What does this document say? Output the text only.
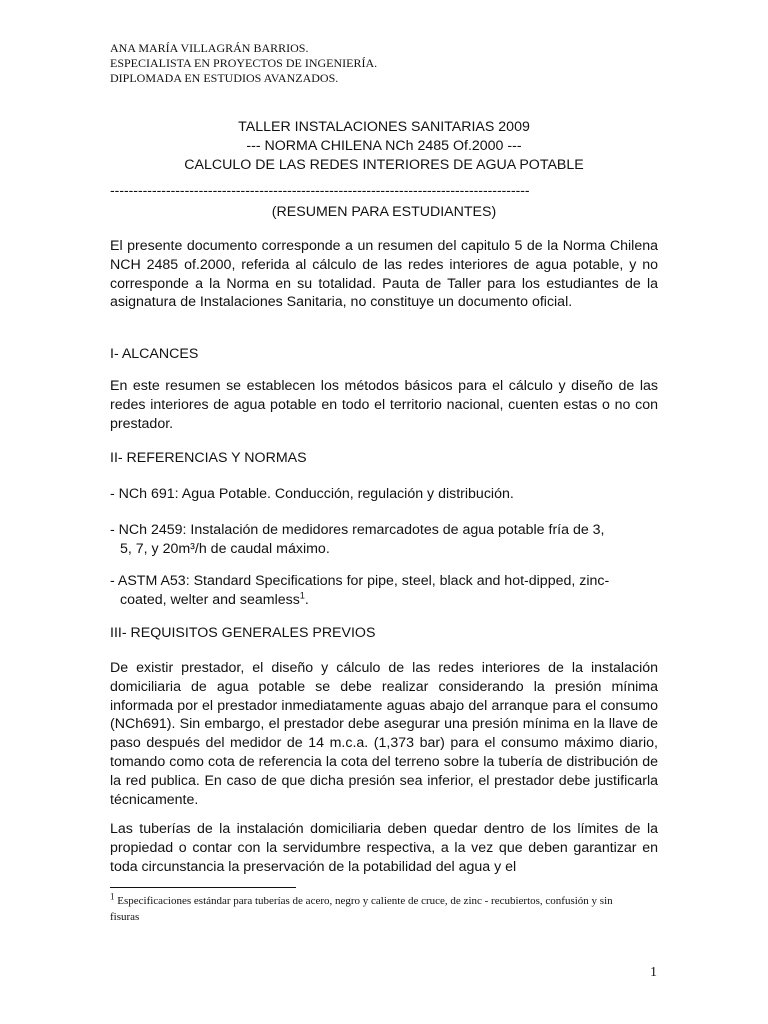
ANA MARÍA VILLAGRÁN BARRIOS.
ESPECIALISTA EN PROYECTOS DE INGENIERÍA.
DIPLOMADA EN ESTUDIOS AVANZADOS.
TALLER INSTALACIONES SANITARIAS 2009
--- NORMA CHILENA NCh 2485 Of.2000 ---
CALCULO DE LAS REDES INTERIORES DE AGUA POTABLE
------------------------------------------------------------------------------------------
(RESUMEN PARA ESTUDIANTES)

El presente documento corresponde a un resumen del capitulo 5 de la Norma Chilena NCH 2485 of.2000, referida al cálculo de las redes interiores de agua potable, y no corresponde a la Norma en su totalidad. Pauta de Taller para los estudiantes de la asignatura de Instalaciones Sanitaria, no constituye un documento oficial.

I- ALCANCES

En este resumen se establecen los métodos básicos para el cálculo y diseño de las redes interiores de agua potable en todo el territorio nacional, cuenten estas o no con prestador.

II- REFERENCIAS Y NORMAS
- NCh 691: Agua Potable. Conducción, regulación y distribución.
- NCh 2459: Instalación de medidores remarcadotes de agua potable fría de 3,
5, 7, y 20m³/h de caudal máximo.
- ASTM A53: Standard Specifications for pipe, steel, black and hot-dipped, zinc-
coated, welter and seamless$^1$.
III- REQUISITOS GENERALES PREVIOS

De existir prestador, el diseño y cálculo de las redes interiores de la instalación domiciliaria de agua potable se debe realizar considerando la presión mínima informada por el prestador inmediatamente aguas abajo del arranque para el consumo (NCh691). Sin embargo, el prestador debe asegurar una presión mínima en la llave de paso después del medidor de 14 m.c.a. (1,373 bar) para el consumo máximo diario, tomando como cota de referencia la cota del terreno sobre la tubería de distribución de la red publica. En caso de que dicha presión sea inferior, el prestador debe justificarla técnicamente.

Las tuberías de la instalación domiciliaria deben quedar dentro de los límites de la propiedad o contar con la servidumbre respectiva, a la vez que deben garantizar en toda circunstancia la preservación de la potabilidad del agua y el

$^1$ Especificaciones estándar para tuberías de acero, negro y caliente de cruce, de zinc - recubiertos, confusión y sin fisuras
1
